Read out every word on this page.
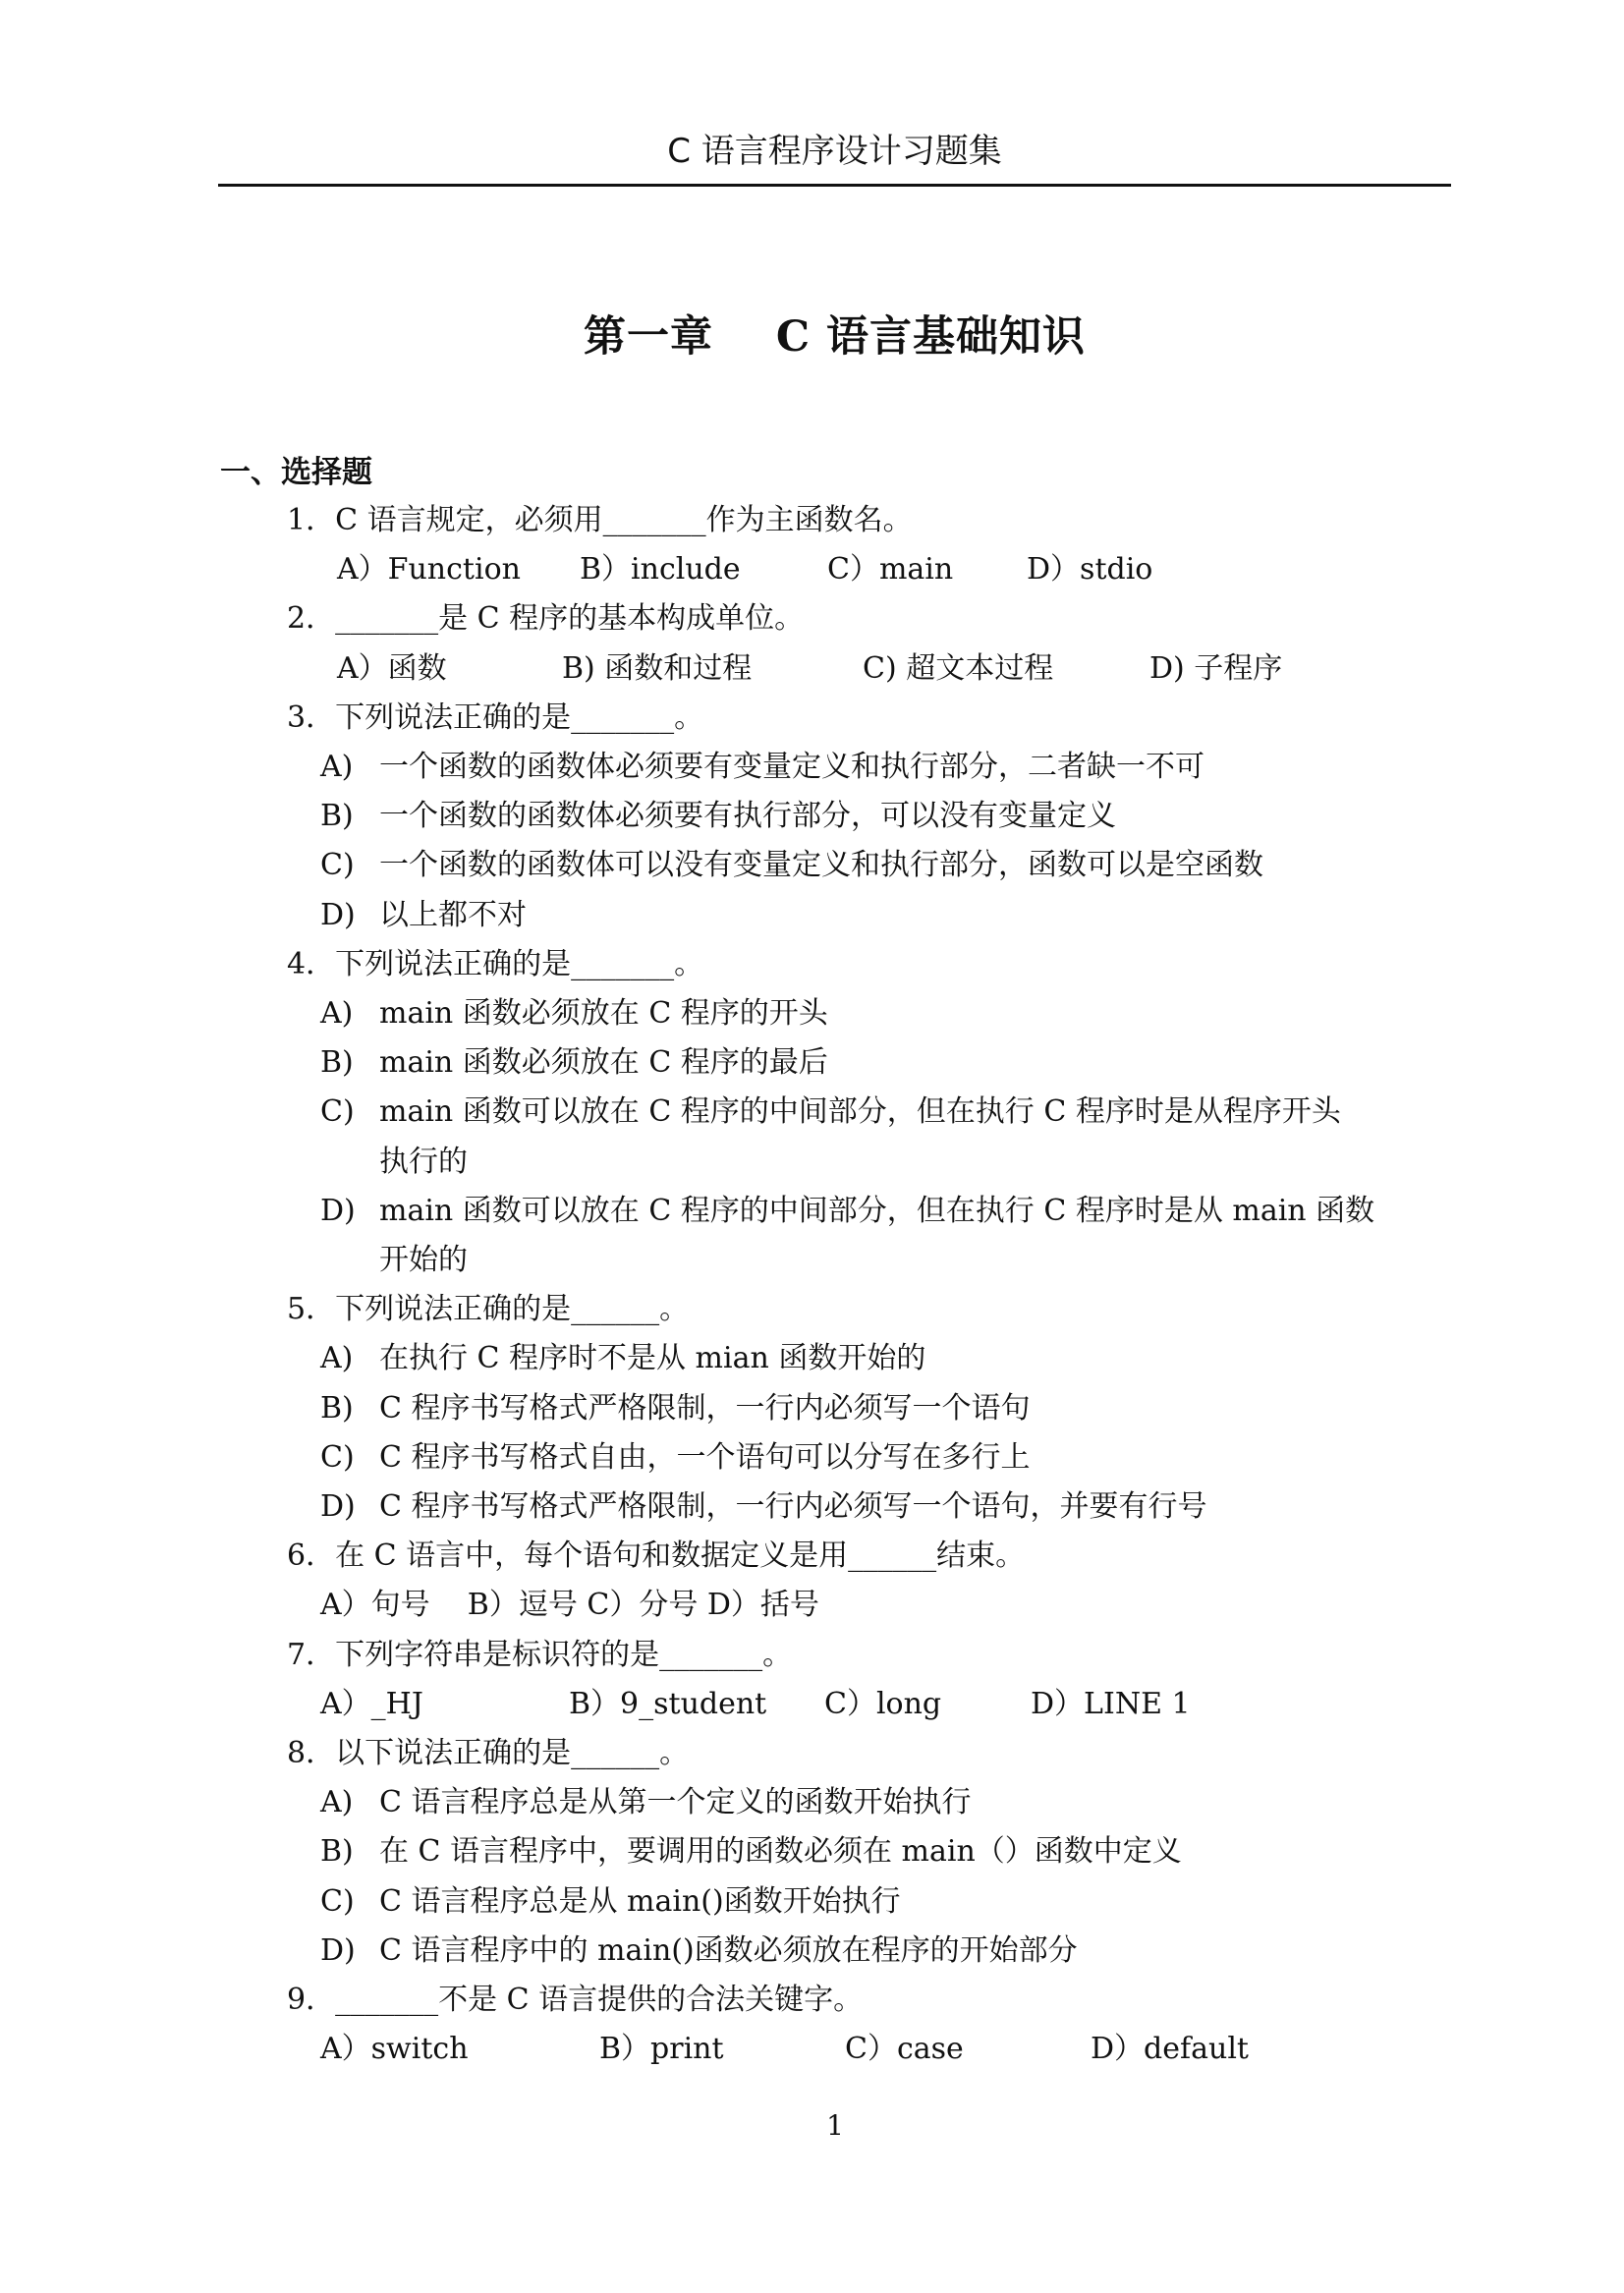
C 语言程序设计习题集
第一章    C 语言基础知识
一、选择题
1．C 语言规定，必须用_______作为主函数名。
A）Function B）include	C）main D）stdio
2．_______是 C 程序的基本构成单位。
A）函数	B) 函数和过程	C) 超文本过程	D) 子程序
3．下列说法正确的是_______。
A) 一个函数的函数体必须要有变量定义和执行部分，二者缺一不可
B) 一个函数的函数体必须要有执行部分，可以没有变量定义
C) 一个函数的函数体可以没有变量定义和执行部分，函数可以是空函数
D) 以上都不对
4．下列说法正确的是_______。
A) main 函数必须放在 C 程序的开头
B) main 函数必须放在 C 程序的最后
C) main 函数可以放在 C 程序的中间部分，但在执行 C 程序时是从程序开头
执行的
D) main 函数可以放在 C 程序的中间部分，但在执行 C 程序时是从 main 函数
开始的
5．下列说法正确的是______。
A) 在执行 C 程序时不是从 mian 函数开始的
B) C 程序书写格式严格限制，一行内必须写一个语句
C) C 程序书写格式自由，一个语句可以分写在多行上
D) C 程序书写格式严格限制，一行内必须写一个语句，并要有行号
6．在 C 语言中，每个语句和数据定义是用______结束。
A）句号    B）逗号 C）分号 D）括号
7．下列字符串是标识符的是_______。
A）_HJ	B）9_student C）long	D）LINE 1
8．以下说法正确的是______。
A) C 语言程序总是从第一个定义的函数开始执行
B) 在 C 语言程序中，要调用的函数必须在 main（）函数中定义
C) C 语言程序总是从 main()函数开始执行
D) C 语言程序中的 main()函数必须放在程序的开始部分
9．_______不是 C 语言提供的合法关键字。
A）switch	B）print	C）case	D）default
1
